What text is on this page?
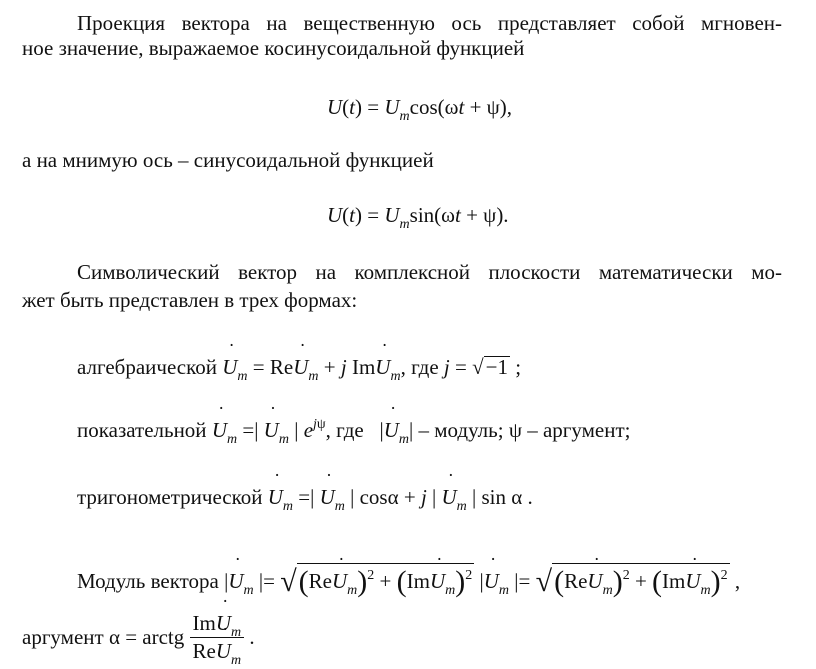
Проекция вектора на вещественную ось представляет собой мгновен-
ное значение, выражаемое косинусоидальной функцией
$U(t) = U_m\cos(\omega t + \psi)$,
а на мнимую ось – синусоидальной функцией
$U(t) = U_m\sin(\omega t + \psi)$.
Символический вектор на комплексной плоскости математически мо-
жет быть представлен в трех формах:
алгебраической ˙ $U_m$ = Re˙ $U_m + j$ Im˙ $U_m$, где j = √−1 ;
показательной ˙ $U_m$ =| ˙ $U_m$ | $e^{j\psi}$, где   |˙ $U_m|$ – модуль; ψ – аргумент;
тригонометрической ˙ $U_m$ =| ˙ $U_m$ | cosα + j | ˙ $U_m$ | sin α .
Модуль вектора |˙ $U_m$ |= √(Re˙ $U_m)^2$ + (Im˙ $U_m)^2$ |˙ $U_m$ |= √(Re˙ $U_m)^2$ + (Im˙ $U_m)^2$ ,
аргумент α = arctg $\frac{Im˙ U_m}{Re˙ U_m}$ .
